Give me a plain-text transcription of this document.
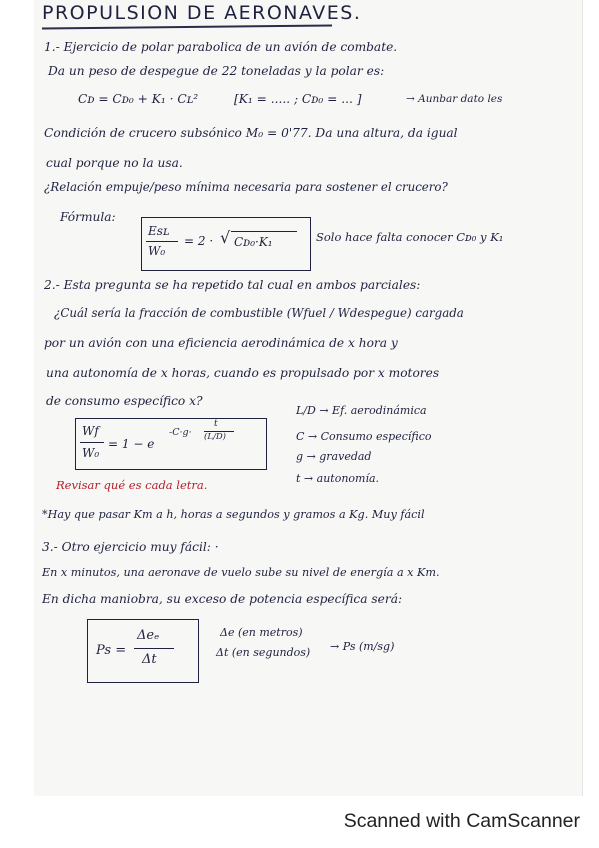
PROPULSION DE AERONAVES.
1.- Ejercicio de polar parabolica de un avión de combate.
Da un peso de despegue de 22 toneladas y la polar es:
Cᴅ = Cᴅ₀ + K₁ · Cʟ²	[K₁ = ..... ; Cᴅ₀ = ... ]	→ Aunbar dato les
Condición de crucero subsónico M₀ = 0'77. Da una altura, da igual
cual porque no la usa.
¿Relación empuje/peso mínima necesaria para sostener el crucero?
Fórmula:
Esʟ
W₀
= 2 · √ Cᴅ₀·K₁	Solo hace falta conocer Cᴅ₀ y K₁
2.- Esta pregunta se ha repetido tal cual en ambos parciales:
¿Cuál sería la fracción de combustible (Wfuel / Wdespegue) cargada
por un avión con una eficiencia aerodinámica de x hora y
una autonomía de x horas, cuando es propulsado por x motores
de consumo específico x?
Wf
W₀
= 1 − e
-C·g·
t
(L/D)
L/D → Ef. aerodinámica
C → Consumo específico
g → gravedad
t → autonomía.
Revisar qué es cada letra.
*Hay que pasar Km a h, horas a segundos y gramos a Kg. Muy fácil
3.- Otro ejercicio muy fácil: ·
En x minutos, una aeronave de vuelo sube su nivel de energía a x Km.
En dicha maniobra, su exceso de potencia específica será:
Ps =
Δeₑ
Δt
Δe (en metros)
Δt (en segundos) → Ps (m/sg)
Scanned with CamScanner
